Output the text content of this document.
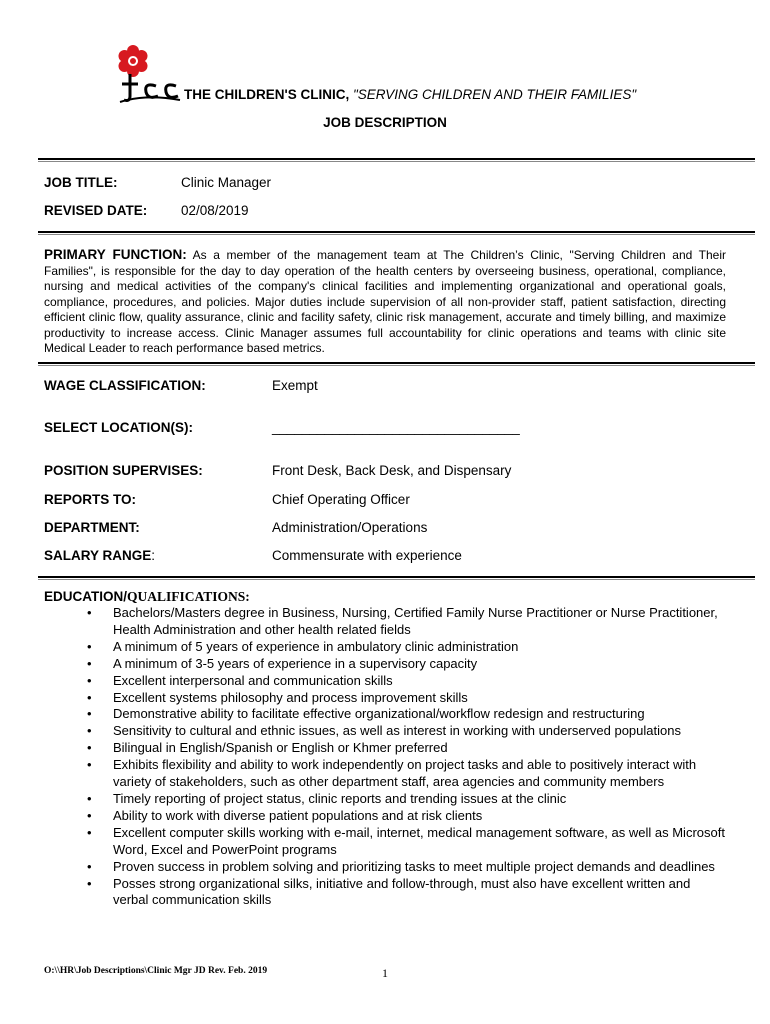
THE CHILDREN'S CLINIC, "SERVING CHILDREN AND THEIR FAMILIES"
JOB DESCRIPTION
JOB TITLE:	Clinic Manager
REVISED DATE: 02/08/2019
PRIMARY FUNCTION: As a member of the management team at The Children’s Clinic, "Serving Children and Their Families", is responsible for the day to day operation of the health centers by overseeing business, operational, compliance, nursing and medical activities of the company's clinical facilities and implementing organizational and operational goals, compliance, procedures, and policies. Major duties include supervision of all non-provider staff, patient satisfaction, directing efficient clinic flow, quality assurance, clinic and facility safety, clinic risk management, accurate and timely billing, and maximize productivity to increase access. Clinic Manager assumes full accountability for clinic operations and teams with clinic site Medical Leader to reach performance based metrics.
WAGE CLASSIFICATION:	Exempt
SELECT LOCATION(S):	_________________________________
POSITION SUPERVISES:	Front Desk, Back Desk, and Dispensary
REPORTS TO:	Chief Operating Officer
DEPARTMENT:	Administration/Operations
SALARY RANGE:	Commensurate with experience
EDUCATION/QUALIFICATIONS:
• Bachelors/Masters degree in Business, Nursing, Certified Family Nurse Practitioner or Nurse Practitioner, Health Administration and other health related fields
• A minimum of 5 years of experience in ambulatory clinic administration
• A minimum of 3-5 years of experience in a supervisory capacity
• Excellent interpersonal and communication skills
• Excellent systems philosophy and process improvement skills
• Demonstrative ability to facilitate effective organizational/workflow redesign and restructuring
• Sensitivity to cultural and ethnic issues, as well as interest in working with underserved populations
• Bilingual in English/Spanish or English or Khmer preferred
• Exhibits flexibility and ability to work independently on project tasks and able to positively interact with variety of stakeholders, such as other department staff, area agencies and community members
• Timely reporting of project status, clinic reports and trending issues at the clinic
• Ability to work with diverse patient populations and at risk clients
• Excellent computer skills working with e-mail, internet, medical management software, as well as Microsoft Word, Excel and PowerPoint programs
• Proven success in problem solving and prioritizing tasks to meet multiple project demands and deadlines
• Posses strong organizational silks, initiative and follow-through, must also have excellent written and verbal communication skills
O:\\HR\Job Descriptions\Clinic Mgr JD Rev. Feb. 2019	1
